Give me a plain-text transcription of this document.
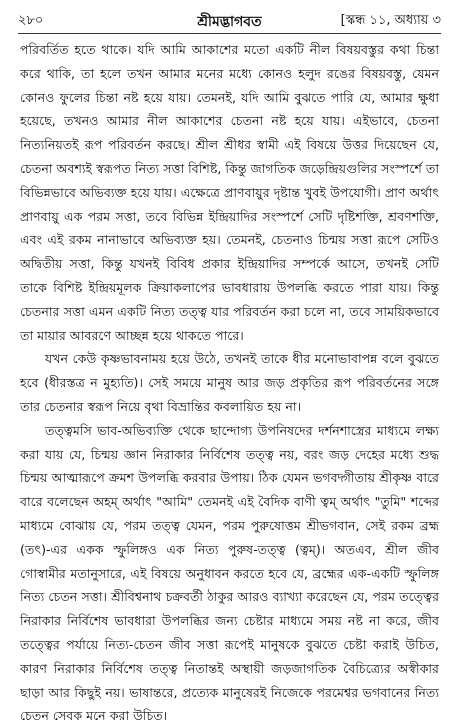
২৮০	শ্রীমদ্ভাগবত	[স্কন্ধ ১১, অধ্যায় ৩

পরিবর্তিত হতে থাকে। যদি আমি আকাশের মতো একটি নীল বিষয়বস্তুর কথা চিন্তা করে থাকি, তা হলে তখন আমার মনের মধ্যে কোনও হলুদ রঙের বিষয়বস্তু, যেমন কোনও ফুলের চিন্তা নষ্ট হয়ে যায়। তেমনই, যদি আমি বুঝতে পারি যে, আমার ক্ষুধা হয়েছে, তখনও আমার নীল আকাশের চেতনা নষ্ট হয়ে যায়। এইভাবে, চেতনা নিত্যনিয়তই রূপ পরিবর্তন করছে। শ্রীল শ্রীধর স্বামী এই বিষয়ে উত্তর দিয়েছেন যে, চেতনা অবশ্যই স্বরূপত নিত্য সত্তা বিশিষ্ট, কিন্তু জাগতিক জড়েন্দ্রিয়গুলির সংস্পর্শে তা বিভিন্নভাবে অভিব্যক্ত হয়ে যায়। এক্ষেত্রে প্রাণবায়ুর দৃষ্টান্ত খুবই উপযোগী। প্রাণ অর্থাৎ প্রাণবায়ু এক পরম সত্তা, তবে বিভিন্ন ইন্দ্রিয়াদির সংস্পর্শে সেটি দৃষ্টিশক্তি, শ্রবণশক্তি, এবং এই রকম নানাভাবে অভিব্যক্ত হয়। তেমনই, চেতনাও চিন্ময় সত্তা রূপে সেটিও অদ্বিতীয় সত্তা, কিন্তু যখনই বিবিধ প্রকার ইন্দ্রিয়াদির সম্পর্কে আসে, তখনই সেটি তাকে বিশিষ্ট ইন্দ্রিয়মূলক ক্রিয়াকলাপের ভাবধারায় উপলব্ধি করতে পারা যায়। কিন্তু চেতনার সত্তা এমন একটি নিত্য তত্ত্ব যার পরিবর্তন করা চলে না, তবে সাময়িকভাবে তা মায়ার আবরণে আচ্ছন্ন হয়ে থাকতে পারে।

যখন কেউ কৃষ্ণভাবনাময় হয়ে উঠে, তখনই তাকে ধীর মনোভাবাপন্ন বলে বুঝতে হবে (ধীরস্তত্র ন মুহ্যতি)। সেই সময়ে মানুষ আর জড় প্রকৃতির রূপ পরিবর্তনের সঙ্গে তার চেতনার স্বরূপ নিয়ে বৃথা বিভ্রান্তির কবলায়িত হয় না।

তত্ত্বমসি ভাব-অভিব্যক্তি থেকে ছান্দোগ্য উপনিষদের দর্শনশাস্ত্রের মাধ্যমে লক্ষ্য করা যায় যে, চিন্ময় জ্ঞান নিরাকার নির্বিশেষ তত্ত্ব নয়, বরং জড় দেহের মধ্যে শুদ্ধ চিন্ময় আত্মারূপে ক্রমশ উপলব্ধি করবার উপায়। ঠিক যেমন ভগবদ্গীতায় শ্রীকৃষ্ণ বারে বারে বলেছেন অহম্ অর্থাৎ "আমি" তেমনই এই বৈদিক বাণী ত্বম্ অর্থাৎ "তুমি" শব্দের মাধ্যমে বোঝায় যে, পরম তত্ত্ব যেমন, পরম পুরুষোত্তম শ্রীভগবান, সেই রকম ব্রহ্ম (তৎ)-এর একক স্ফুলিঙ্গও এক নিত্য পুরুষ-তত্ত্ব (ত্বম্)। অতএব, শ্রীল জীব গোস্বামীর মতানুসারে, এই বিষয়ে অনুধাবন করতে হবে যে, ব্রহ্মের এক-একটি স্ফুলিঙ্গ নিত্য চেতন সত্তা। শ্রীবিশ্বনাথ চক্রবর্তী ঠাকুর আরও ব্যাখ্যা করেছেন যে, পরম তত্ত্বের নিরাকার নির্বিশেষ ভাবধারা উপলব্ধির জন্য চেষ্টার মাধ্যমে সময় নষ্ট না করে, জীব তত্ত্বের পর্যায়ে নিত্য-চেতন জীব সত্তা রূপেই মানুষকে বুঝতে চেষ্টা করাই উচিত, কারণ নিরাকার নির্বিশেষ তত্ত্ব নিতান্তই অস্থায়ী জড়জাগতিক বৈচিত্র্যের অস্বীকার ছাড়া আর কিছুই নয়। ভাষান্তরে, প্রত্যেক মানুষেরই নিজেকে পরমেশ্বর ভগবানের নিত্য চেতন সেবক মনে করা উচিত।
